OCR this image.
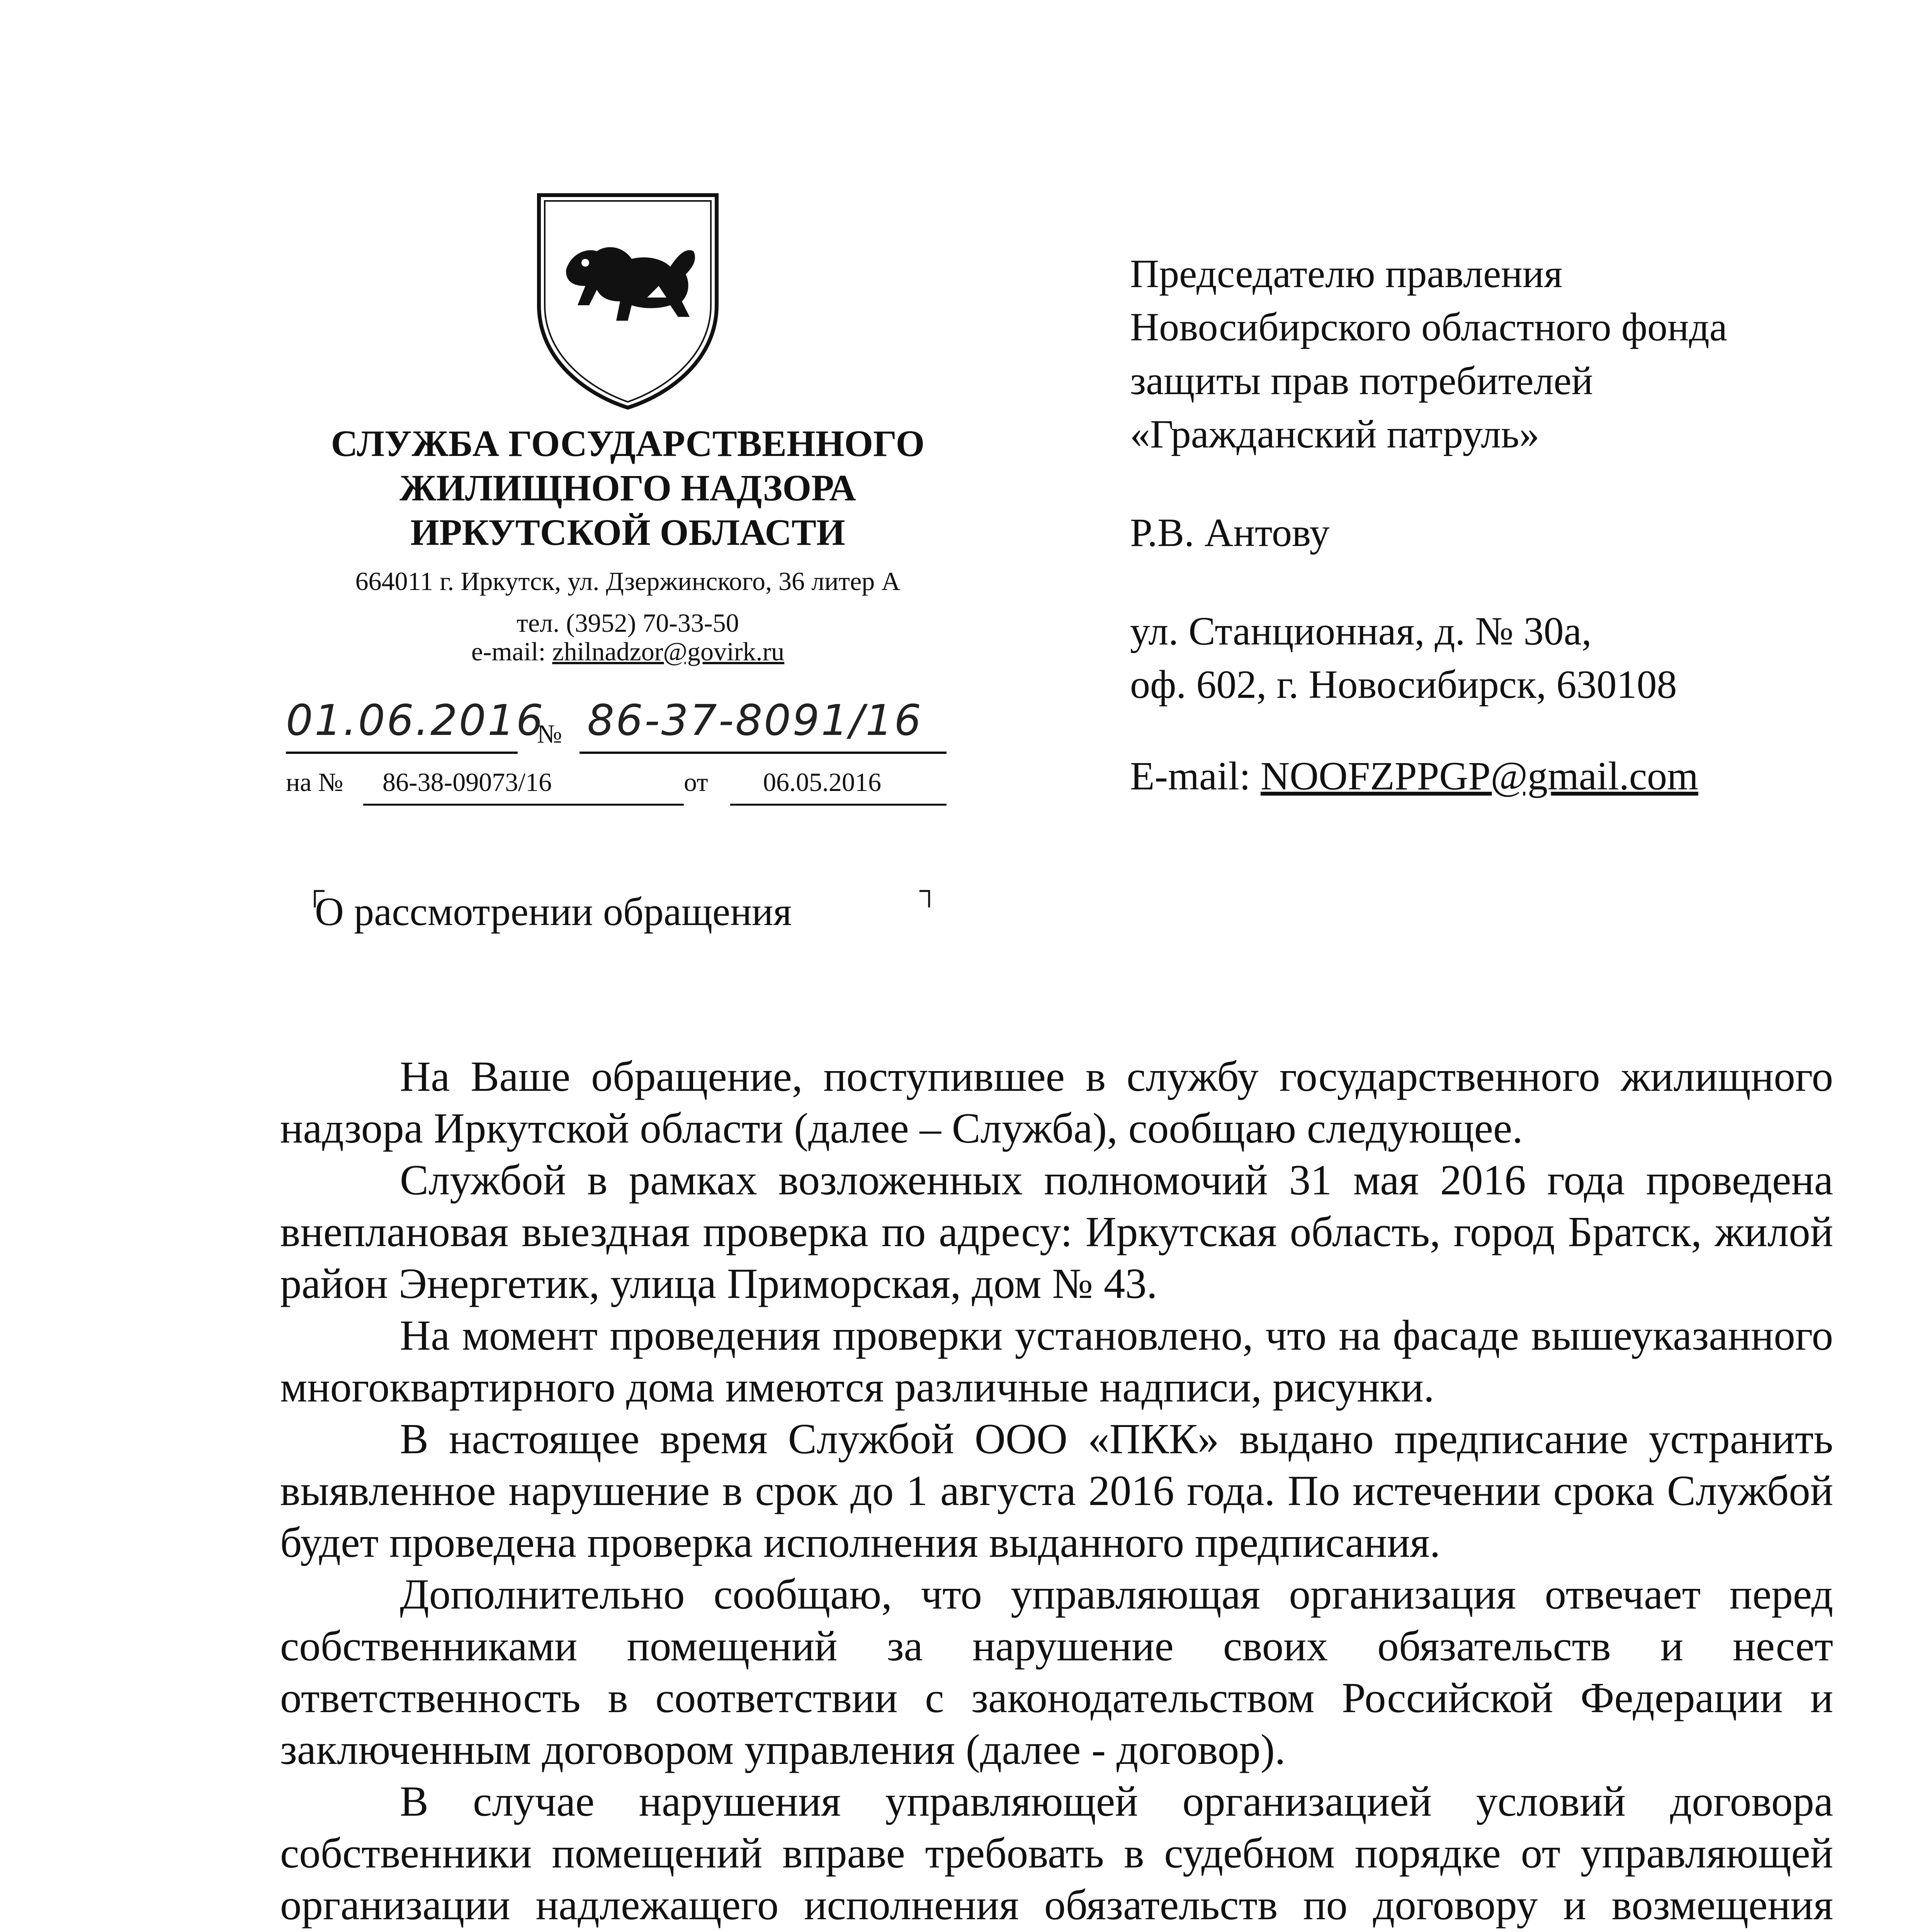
СЛУЖБА ГОСУДАРСТВЕННОГО
ЖИЛИЩНОГО НАДЗОРА
ИРКУТСКОЙ ОБЛАСТИ
664011 г. Иркутск, ул. Дзержинского, 36 литер А
тел. (3952) 70-33-50
e-mail: zhilnadzor@govirk.ru
01.06.2016
№ 86-37-8091/16
на № 86-38-09073/16	от 06.05.2016
Председателю правления
Новосибирского областного фонда
защиты прав потребителей
«Гражданский патруль»
Р.В. Антову
ул. Станционная, д. № 30а,
оф. 602, г. Новосибирск, 630108
E-mail: NOOFZPPGP@gmail.com
┌	┐
О рассмотрении обращения

На Ваше обращение, поступившее в службу государственного жилищного надзора Иркутской области (далее – Служба), сообщаю следующее.

Службой в рамках возложенных полномочий 31 мая 2016 года проведена внеплановая выездная проверка по адресу: Иркутская область, город Братск, жилой район Энергетик, улица Приморская, дом № 43.

На момент проведения проверки установлено, что на фасаде вышеуказанного многоквартирного дома имеются различные надписи, рисунки.

В настоящее время Службой ООО «ПКК» выдано предписание устранить выявленное нарушение в срок до 1 августа 2016 года. По истечении срока Службой будет проведена проверка исполнения выданного предписания.

Дополнительно сообщаю, что управляющая организация отвечает перед собственниками помещений за нарушение своих обязательств и несет ответственность в соответствии с законодательством Российской Федерации и заключенным договором управления (далее - договор).

В случае нарушения управляющей организацией условий договора собственники помещений вправе требовать в судебном порядке от управляющей организации надлежащего исполнения обязательств по договору и возмещения
